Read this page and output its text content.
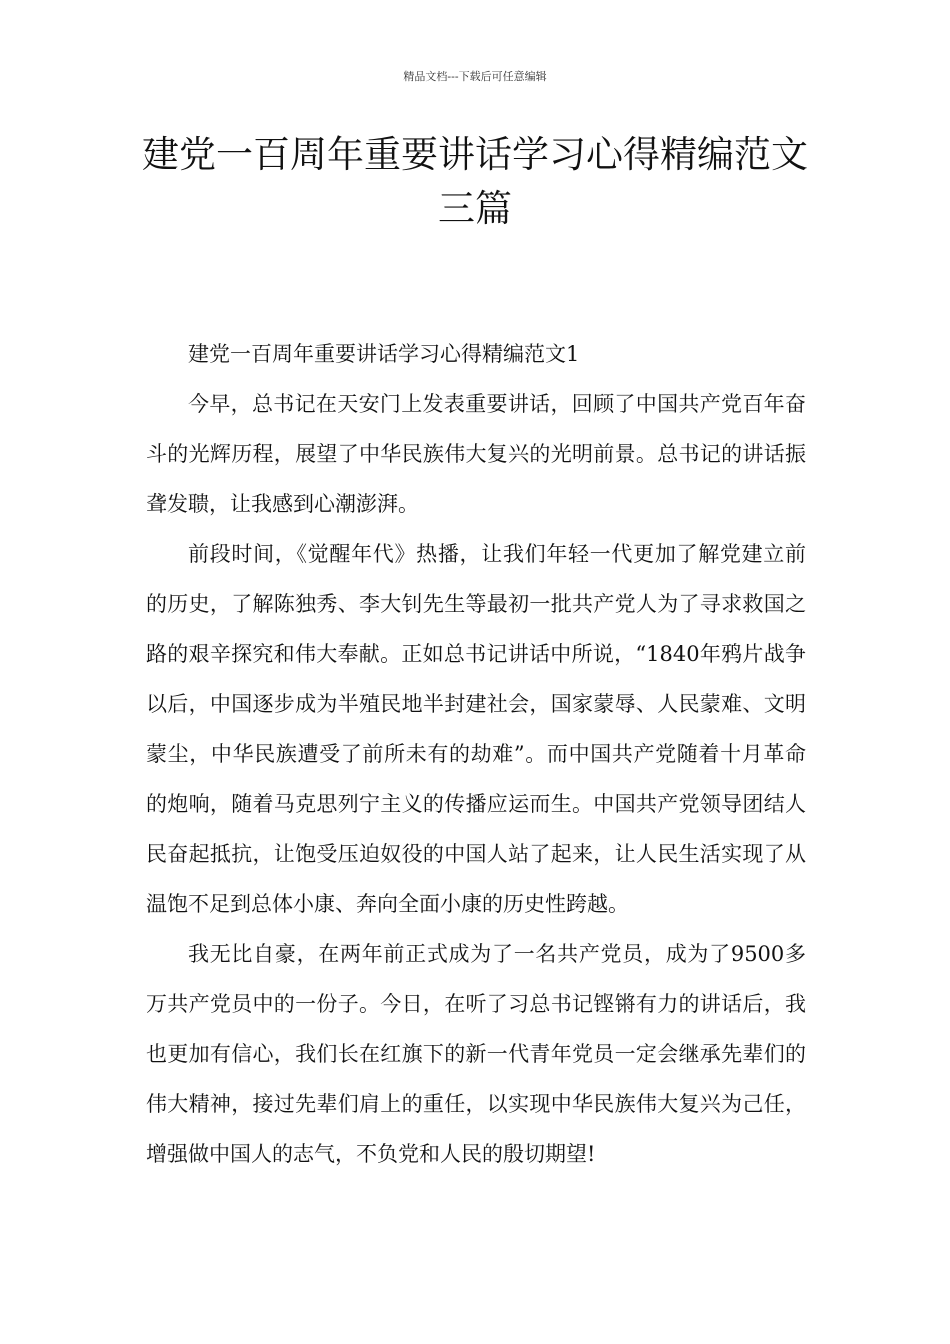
精品文档---下载后可任意编辑
建党一百周年重要讲话学习心得精编范文三篇

建党一百周年重要讲话学习心得精编范文1

今早，总书记在天安门上发表重要讲话，回顾了中国共产党百年奋斗的光辉历程，展望了中华民族伟大复兴的光明前景。总书记的讲话振聋发聩，让我感到心潮澎湃。

前段时间，《觉醒年代》热播，让我们年轻一代更加了解党建立前的历史，了解陈独秀、李大钊先生等最初一批共产党人为了寻求救国之路的艰辛探究和伟大奉献。正如总书记讲话中所说，“1840年鸦片战争以后，中国逐步成为半殖民地半封建社会，国家蒙辱、人民蒙难、文明蒙尘，中华民族遭受了前所未有的劫难”。而中国共产党随着十月革命的炮响，随着马克思列宁主义的传播应运而生。中国共产党领导团结人民奋起抵抗，让饱受压迫奴役的中国人站了起来，让人民生活实现了从温饱不足到总体小康、奔向全面小康的历史性跨越。

我无比自豪，在两年前正式成为了一名共产党员，成为了9500多万共产党员中的一份子。今日，在听了习总书记铿锵有力的讲话后，我也更加有信心，我们长在红旗下的新一代青年党员一定会继承先辈们的伟大精神，接过先辈们肩上的重任，以实现中华民族伟大复兴为己任，增强做中国人的志气，不负党和人民的殷切期望!
